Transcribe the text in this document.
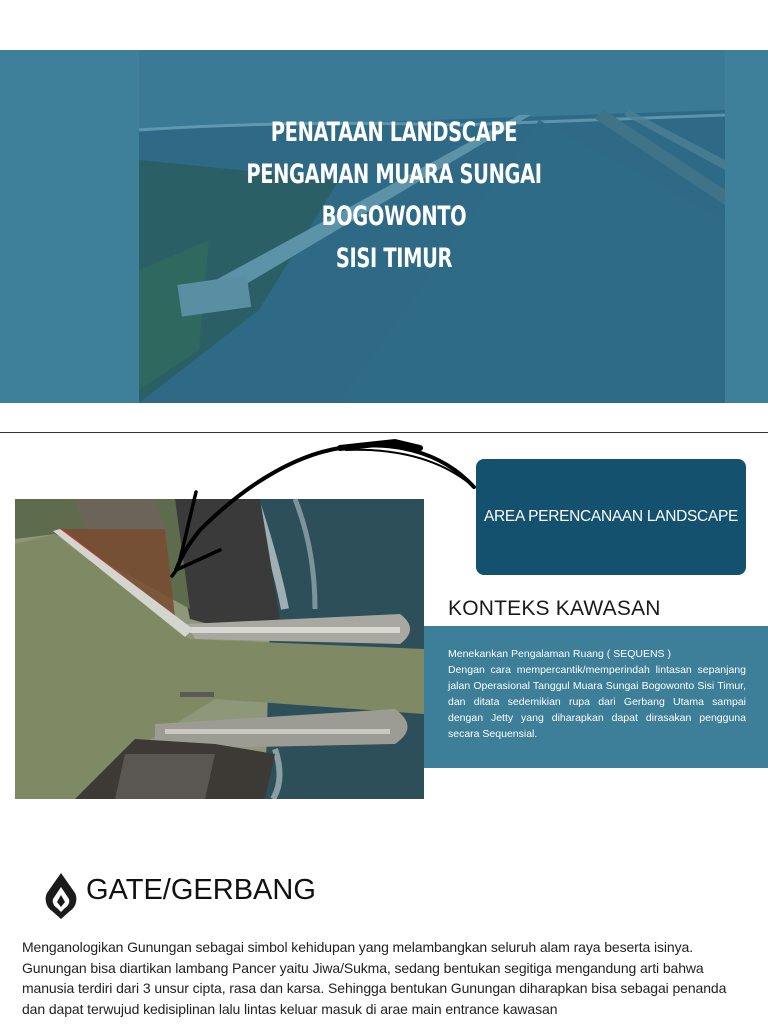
PENATAAN LANDSCAPE
PENGAMAN MUARA SUNGAI BOGOWONTO
SISI TIMUR
AREA PERENCANAAN LANDSCAPE
KONTEKS KAWASAN

Menekankan Pengalaman Ruang ( SEQUENS )
Dengan cara mempercantik/memperindah lintasan sepanjang jalan Operasional Tanggul Muara Sungai Bogowonto Sisi Timur, dan ditata sedemikian rupa dari Gerbang Utama sampai dengan Jetty yang diharapkan dapat dirasakan pengguna secara Sequensial.

GATE/GERBANG

Menganologikan Gunungan sebagai simbol kehidupan yang melambangkan seluruh alam raya beserta isinya. Gunungan bisa diartikan lambang Pancer yaitu Jiwa/Sukma, sedang bentukan segitiga mengandung arti bahwa manusia terdiri dari 3 unsur cipta, rasa dan karsa. Sehingga bentukan Gunungan diharapkan bisa sebagai penanda dan dapat terwujud kedisiplinan lalu lintas keluar masuk di arae main entrance kawasan
